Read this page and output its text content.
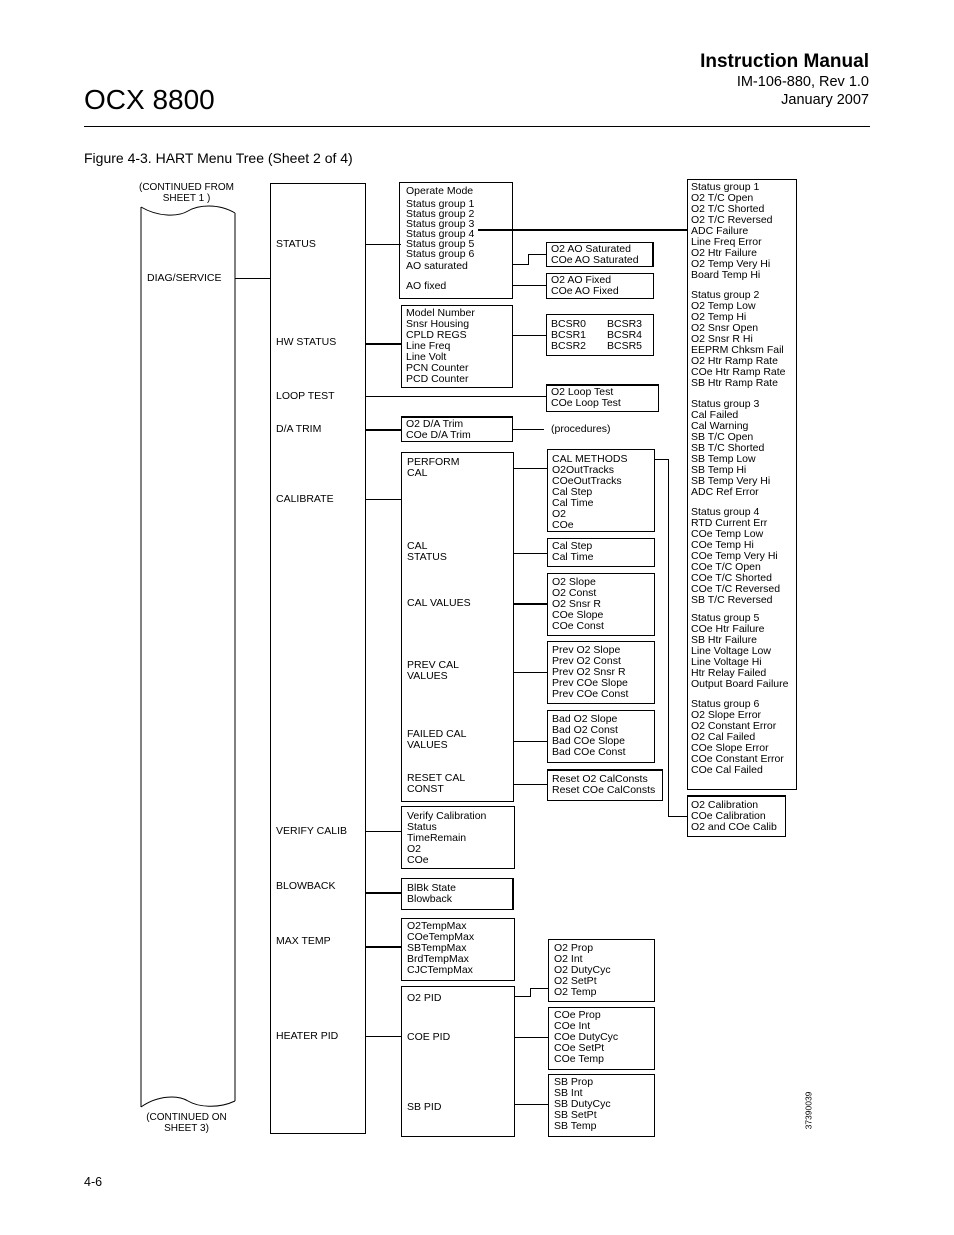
OCX 8800
Instruction Manual
IM-106-880, Rev 1.0
January 2007
Figure 4-3. HART Menu Tree (Sheet 2 of 4)
(CONTINUED FROM
SHEET 1 )
DIAG/SERVICE
(CONTINUED ON
SHEET 3)
STATUS
HW STATUS
LOOP TEST
D/A TRIM
CALIBRATE
VERIFY CALIB
BLOWBACK
MAX TEMP
HEATER PID
Operate Mode
Status group 1
Status group 2
Status group 3
Status group 4
Status group 5
Status group 6
AO saturated
AO fixed
O2 AO Saturated
COe AO Saturated
O2 AO Fixed
COe AO Fixed
Model Number
Snsr Housing
CPLD REGS
Line Freq
Line Volt
PCN Counter
PCD Counter
BCSR0
BCSR1
BCSR2
BCSR3
BCSR4
BCSR5
O2 Loop Test
COe Loop Test
O2 D/A Trim
COe D/A Trim	(procedures)
PERFORM
CAL
CAL
STATUS
CAL VALUES
PREV CAL
VALUES
FAILED CAL
VALUES
RESET CAL
CONST
CAL METHODS
O2OutTracks
COeOutTracks
Cal Step
Cal Time
O2
COe
Cal Step
Cal Time
O2 Slope
O2 Const
O2 Snsr R
COe Slope
COe Const
Prev O2 Slope
Prev O2 Const
Prev O2 Snsr R
Prev COe Slope
Prev COe Const
Bad O2 Slope
Bad O2 Const
Bad COe Slope
Bad COe Const
Reset O2 CalConsts
Reset COe CalConsts
Status group 1
O2 T/C Open
O2 T/C Shorted
O2 T/C Reversed
ADC Failure
Line Freq Error
O2 Htr Failure
O2 Temp Very Hi
Board Temp Hi
Status group 2
O2 Temp Low
O2 Temp Hi
O2 Snsr Open
O2 Snsr R Hi
EEPRM Chksm Fail
O2 Htr Ramp Rate
COe Htr Ramp Rate
SB Htr Ramp Rate
Status group 3
Cal Failed
Cal Warning
SB T/C Open
SB T/C Shorted
SB Temp Low
SB Temp Hi
SB Temp Very Hi
ADC Ref Error
Status group 4
RTD Current Err
COe Temp Low
COe Temp Hi
COe Temp Very Hi
COe T/C Open
COe T/C Shorted
COe T/C Reversed
SB T/C Reversed
Status group 5
COe Htr Failure
SB Htr Failure
Line Voltage Low
Line Voltage Hi
Htr Relay Failed
Output Board Failure
Status group 6
O2 Slope Error
O2 Constant Error
O2 Cal Failed
COe Slope Error
COe Constant Error
COe Cal Failed
O2 Calibration
COe Calibration
O2 and COe Calib
Verify Calibration
Status
TimeRemain
O2
COe
BlBk State
Blowback
O2TempMax
COeTempMax
SBTempMax
BrdTempMax
CJCTempMax
O2 PID
COE PID
SB PID
O2 Prop
O2 Int
O2 DutyCyc
O2 SetPt
O2 Temp
COe Prop
COe Int
COe DutyCyc
COe SetPt
COe Temp
SB Prop
SB Int
SB DutyCyc
SB SetPt
SB Temp	37390039
4-6
